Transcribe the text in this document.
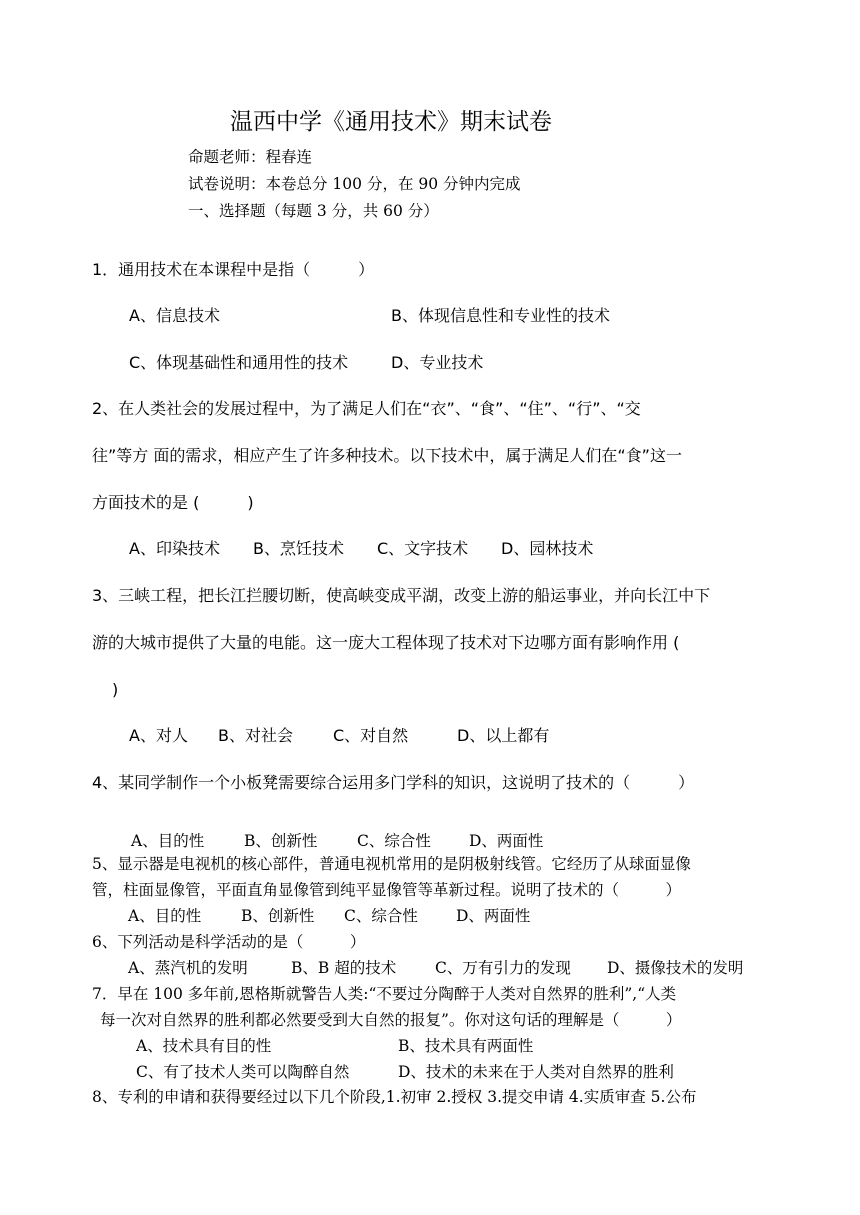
温西中学《通用技术》期末试卷
命题老师：程春连
试卷说明：本卷总分 100 分，在 90 分钟内完成
一、选择题（每题 3 分，共 60 分）
1．通用技术在本课程中是指（　　　）
A、信息技术	B、体现信息性和专业性的技术
C、体现基础性和通用性的技术	D、专业技术
2、在人类社会的发展过程中，为了满足人们在“衣”、“食”、“住”、“行”、“交
往”等方 面的需求，相应产生了许多种技术。以下技术中，属于满足人们在“食”这一
方面技术的是 (　　　)
A、印染技术 B、烹饪技术 C、文字技术 D、园林技术
3、三峡工程，把长江拦腰切断，使高峡变成平湖，改变上游的船运事业，并向长江中下
游的大城市提供了大量的电能。这一庞大工程体现了技术对下边哪方面有影响作用 (
)
A、对人 B、对社会	C、对自然	D、以上都有
4、某同学制作一个小板凳需要综合运用多门学科的知识，这说明了技术的（　　　）
A、目的性	B、创新性	C、综合性 D、两面性
5、显示器是电视机的核心部件，普通电视机常用的是阴极射线管。它经历了从球面显像
管，柱面显像管，平面直角显像管到纯平显像管等革新过程。说明了技术的（　　　）
A、目的性	B、创新性 C、综合性 D、两面性
6、下列活动是科学活动的是（　　　）
A、蒸汽机的发明	B、B 超的技术	C、万有引力的发现 D、摄像技术的发明
7．早在 100 多年前,恩格斯就警告人类:“不要过分陶醉于人类对自然界的胜利”,“人类
每一次对自然界的胜利都必然要受到大自然的报复”。你对这句话的理解是（　　　）
A、技术具有目的性	B、技术具有两面性
C、有了技术人类可以陶醉自然	D、技术的未来在于人类对自然界的胜利
8、专利的申请和获得要经过以下几个阶段,1.初审 2.授权 3.提交申请 4.实质审查 5.公布
